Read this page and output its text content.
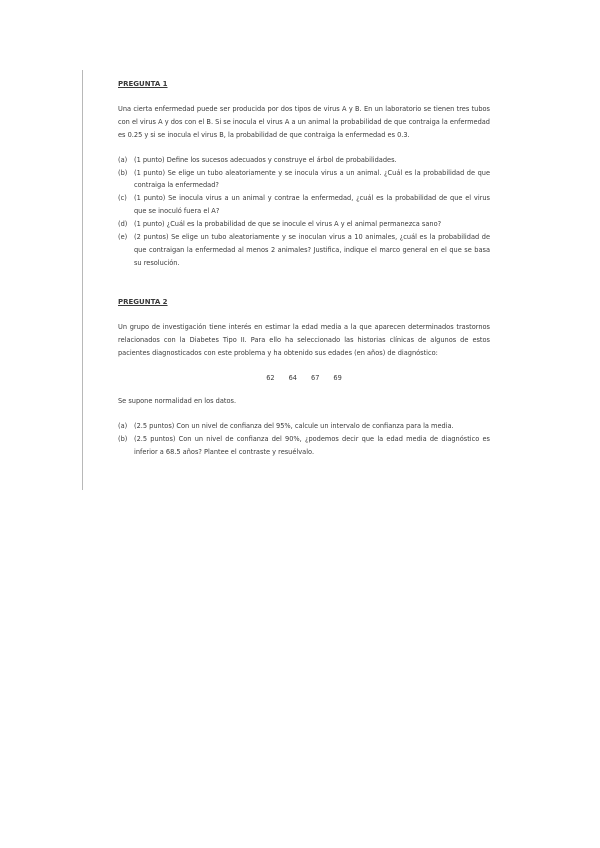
PREGUNTA 1

Una cierta enfermedad puede ser producida por dos tipos de virus A y B. En un laboratorio se tienen tres tubos con el virus A y dos con el B. Si se inocula el virus A a un animal la probabilidad de que contraiga la enfermedad es 0.25 y si se inocula el virus B, la probabilidad de que contraiga la enfermedad es 0.3.

(a)	(1 punto) Define los sucesos adecuados y construye el árbol de probabilidades.
(b)	(1 punto) Se elige un tubo aleatoriamente y se inocula virus a un animal. ¿Cuál es la probabilidad de que contraiga la enfermedad?
(c)	(1 punto) Se inocula virus a un animal y contrae la enfermedad, ¿cuál es la probabilidad de que el virus que se inoculó fuera el A?
(d)	(1 punto) ¿Cuál es la probabilidad de que se inocule el virus A y el animal permanezca sano?
(e)	(2 puntos) Se elige un tubo aleatoriamente y se inoculan virus a 10 animales, ¿cuál es la probabilidad de que contraigan la enfermedad al menos 2 animales? Justifica, indique el marco general en el que se basa su resolución.

PREGUNTA 2

Un grupo de investigación tiene interés en estimar la edad media a la que aparecen determinados trastornos relacionados con la Diabetes Tipo II. Para ello ha seleccionado las historias clínicas de algunos de estos pacientes diagnosticados con este problema y ha obtenido sus edades (en años) de diagnóstico:

62 64 67 69

Se supone normalidad en los datos.

(a)	(2.5 puntos) Con un nivel de confianza del 95%, calcule un intervalo de confianza para la media.
(b)	(2.5 puntos) Con un nivel de confianza del 90%, ¿podemos decir que la edad media de diagnóstico es inferior a 68.5 años? Plantee el contraste y resuélvalo.
